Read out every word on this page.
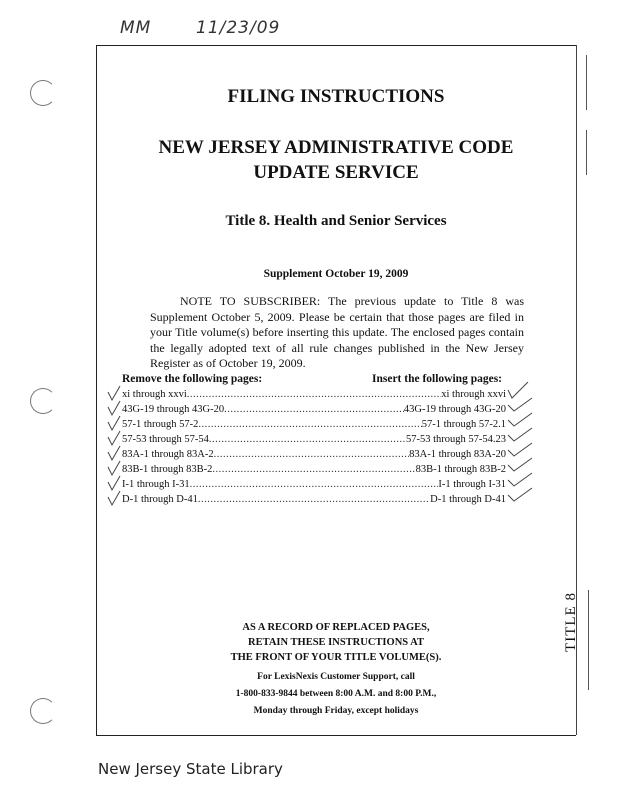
MM	11/23/09
FILING INSTRUCTIONS
NEW JERSEY ADMINISTRATIVE CODE
UPDATE SERVICE
Title 8. Health and Senior Services
Supplement October 19, 2009
NOTE TO SUBSCRIBER: The previous update to Title 8 was Supplement October 5, 2009. Please be certain that those pages are filed in your Title volume(s) before inserting this update. The enclosed pages contain the legally adopted text of all rule changes published in the New Jersey Register as of October 19, 2009.
Remove the following pages:	Insert the following pages:
xi through xxvi .....	xi through xxvi
43G-19 through 43G-20 .....	43G-19 through 43G-20
57-1 through 57-2 .....	57-1 through 57-2.1
57-53 through 57-54 .....	57-53 through 57-54.23
83A-1 through 83A-2 .....	83A-1 through 83A-20
83B-1 through 83B-2 .....	83B-1 through 83B-2
I-1 through I-31 .....	I-1 through I-31
D-1 through D-41 .....	D-1 through D-41
AS A RECORD OF REPLACED PAGES,
RETAIN THESE INSTRUCTIONS AT
THE FRONT OF YOUR TITLE VOLUME(S).
For LexisNexis Customer Support, call
1-800-833-9844 between 8:00 A.M. and 8:00 P.M.,
Monday through Friday, except holidays
TITLE 8
New Jersey State Library
